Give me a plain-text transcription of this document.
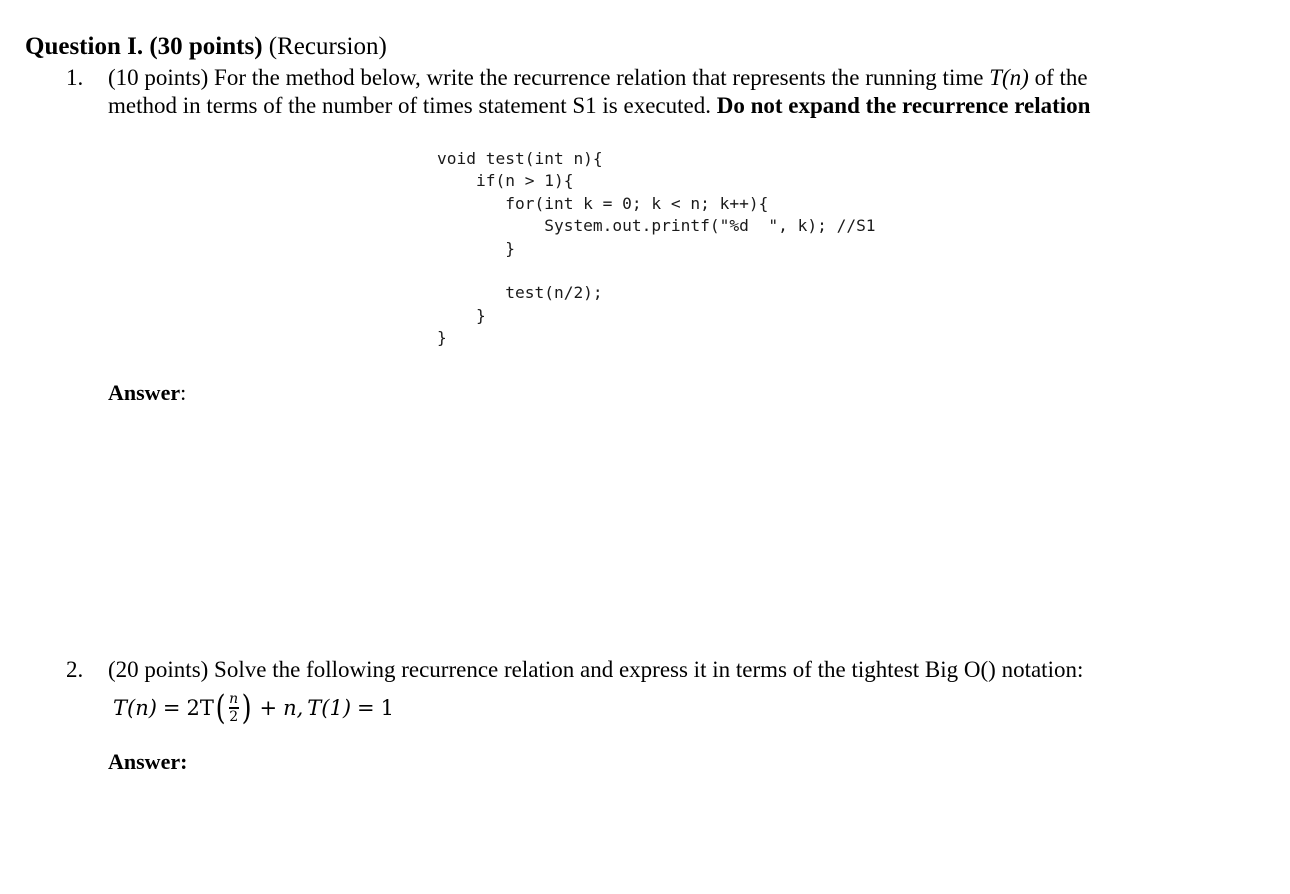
Question I. (30 points) (Recursion)
1. (10 points) For the method below, write the recurrence relation that represents the running time T(n) of the
method in terms of the number of times statement S1 is executed. Do not expand the recurrence relation
void test(int n){
if(n > 1){
for(int k = 0; k < n; k++){
System.out.printf("%d  ", k); //S1
}

test(n/2);
}
}
Answer:
2. (20 points) Solve the following recurrence relation and express it in terms of the tightest Big O() notation:
T(n) = 2T ( $\frac{n}{2}$ ) + n, T(1) = 1
Answer:
